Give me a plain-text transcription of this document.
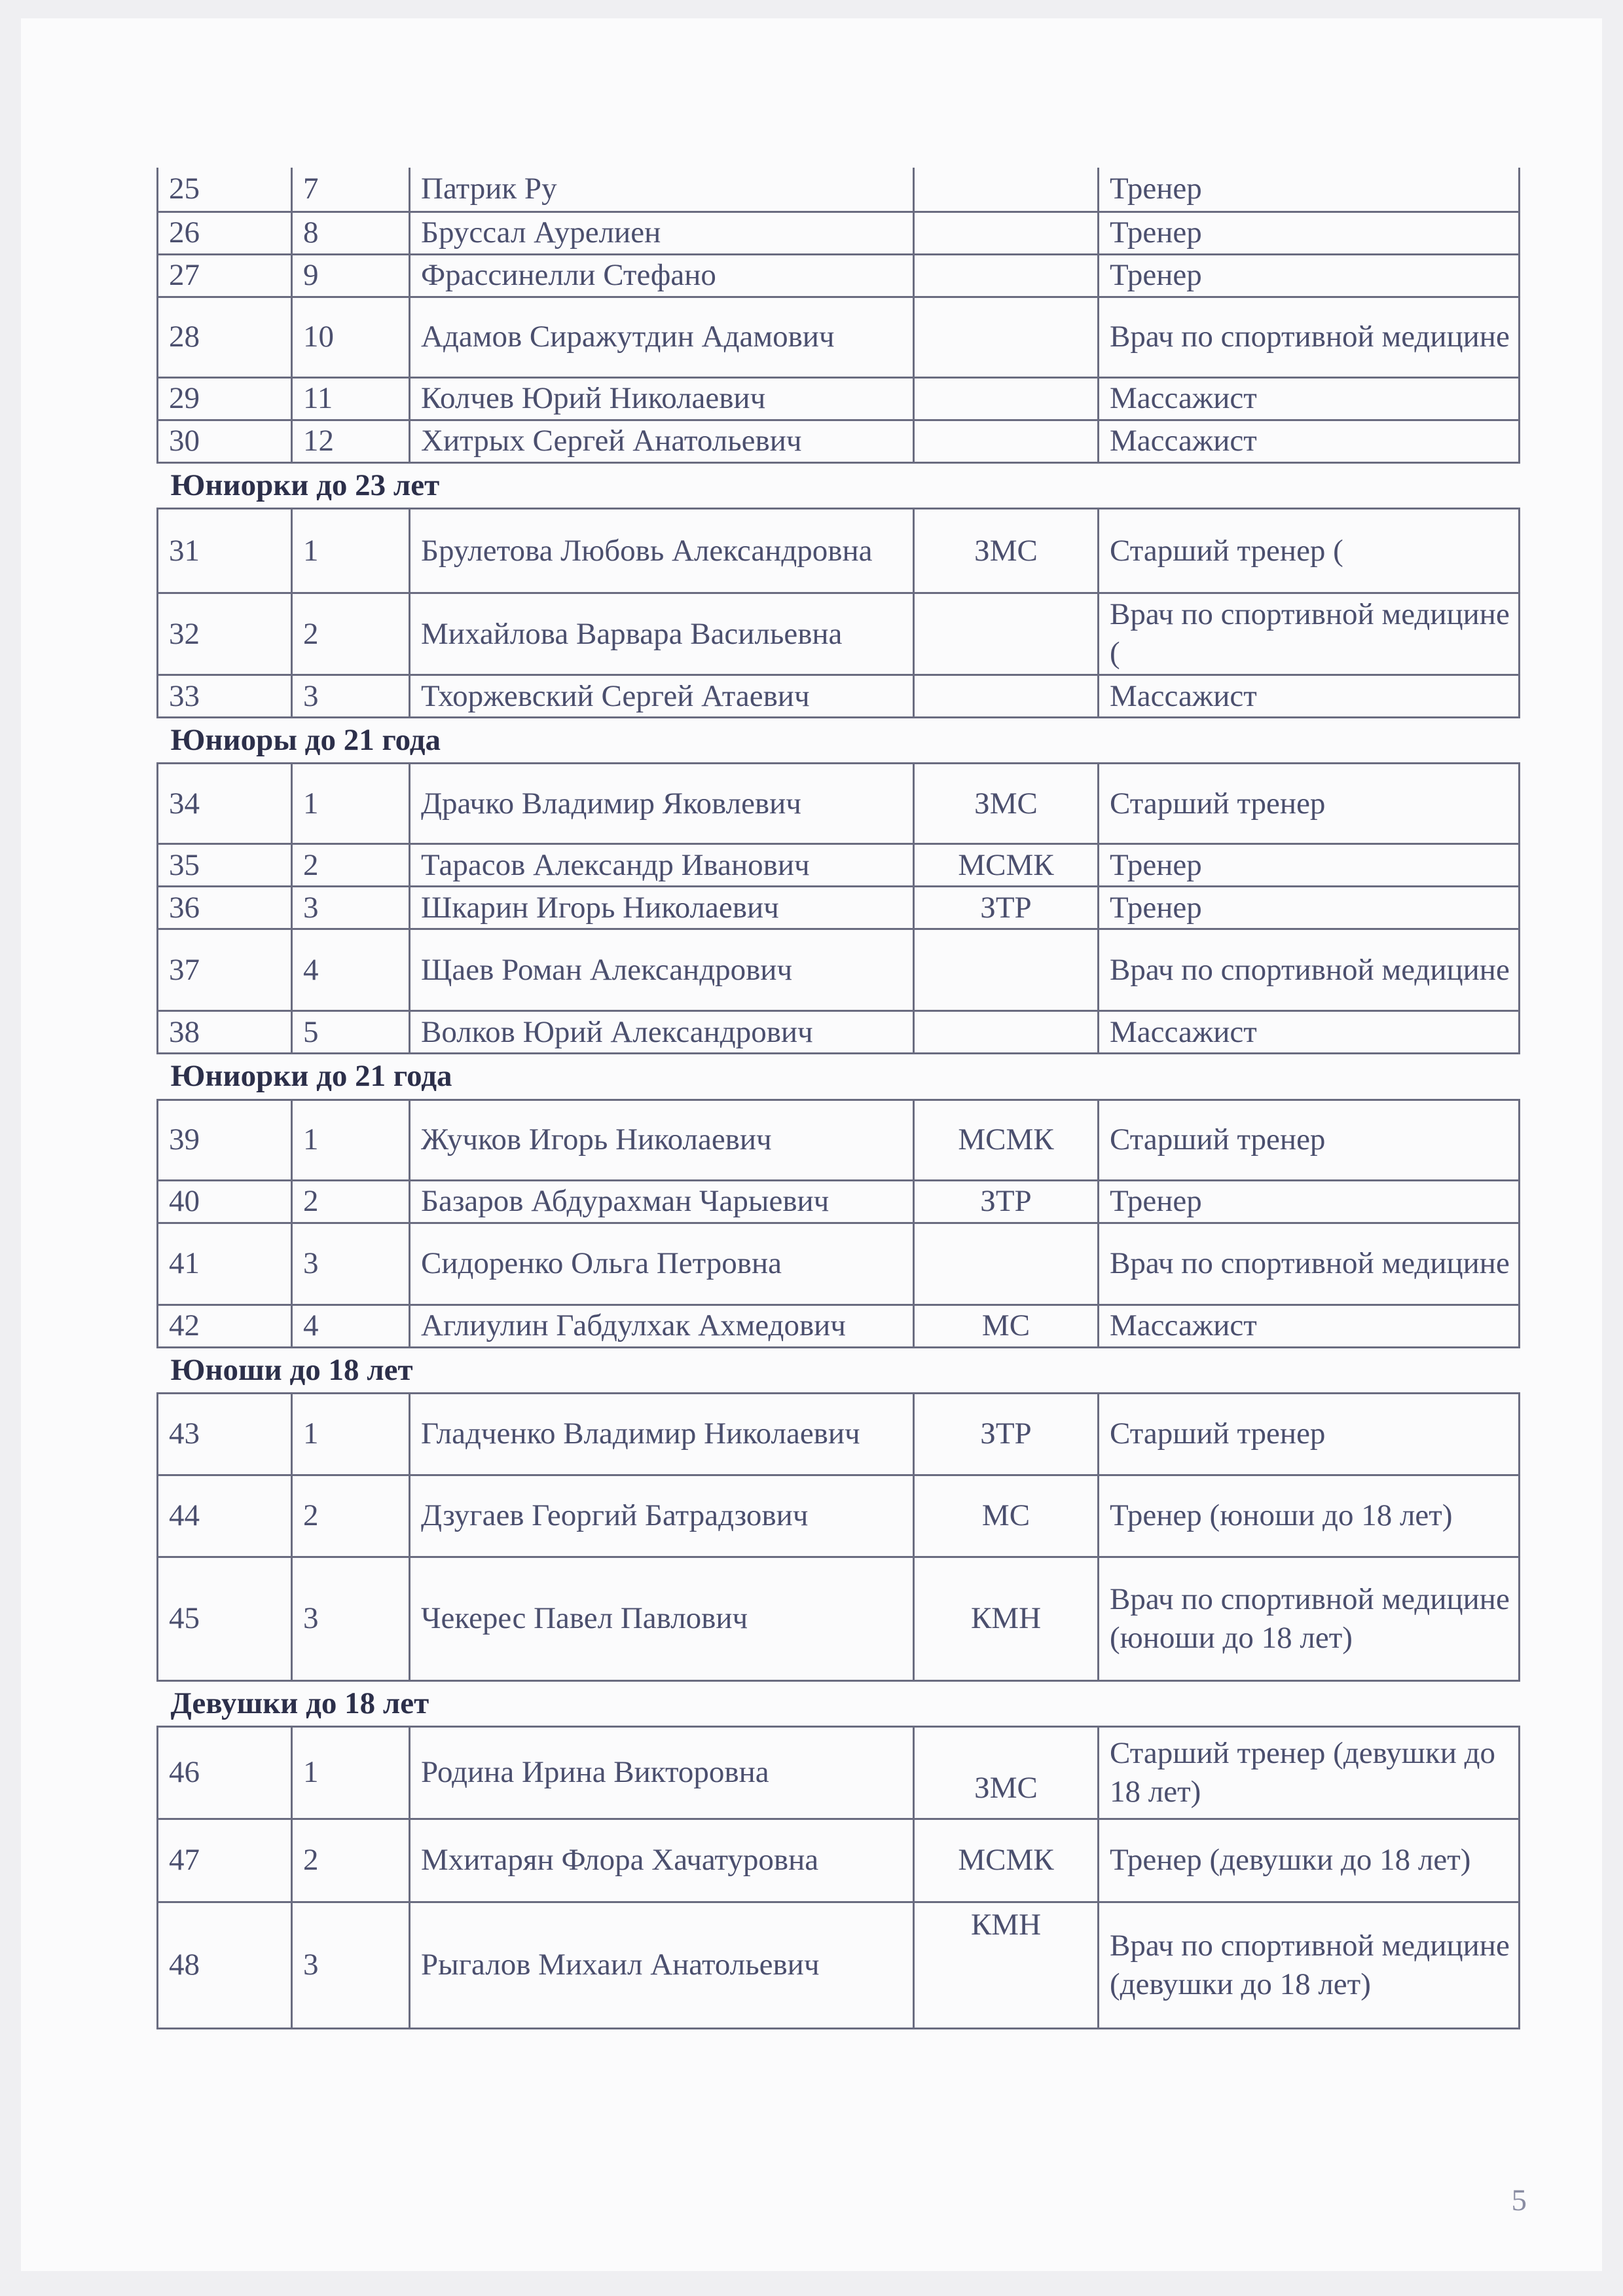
25	7	Патрик Ру		Тренер
26	8	Бруссал Аурелиен		Тренер
27	9	Фрассинелли Стефано		Тренер
28	10	Адамов Сиражутдин Адамович		Врач по спортивной медицине
29	11	Колчев Юрий Николаевич		Массажист
30	12	Хитрых Сергей Анатольевич		Массажист
Юниорки до 23 лет				
31	1	Брулетова Любовь Александровна	ЗМС	Старший тренер (
32	2	Михайлова Варвара Васильевна		Врач по спортивной медицине (
33	3	Тхоржевский Сергей Атаевич		Массажист
Юниоры до 21 года				
34	1	Драчко Владимир Яковлевич	ЗМС	Старший тренер
35	2	Тарасов Александр Иванович	МСМК	Тренер
36	3	Шкарин Игорь Николаевич	ЗТР	Тренер
37	4	Щаев Роман Александрович		Врач по спортивной медицине
38	5	Волков Юрий Александрович		Массажист
Юниорки до 21 года				
39	1	Жучков Игорь Николаевич	МСМК	Старший тренер
40	2	Базаров Абдурахман Чарыевич	ЗТР	Тренер
41	3	Сидоренко Ольга Петровна		Врач по спортивной медицине
42	4	Аглиулин Габдулхак Ахмедович	МС	Массажист
Юноши до 18 лет				
43	1	Гладченко Владимир Николаевич	ЗТР	Старший тренер
44	2	Дзугаев Георгий Батрадзович	МС	Тренер (юноши до 18 лет)
45	3	Чекерес Павел Павлович	КМН	Врач по спортивной медицине (юноши до 18 лет)
Девушки до 18 лет				
46	1	Родина Ирина Викторовна	ЗМС	Старший тренер (девушки до 18 лет)
47	2	Мхитарян Флора Хачатуровна	МСМК	Тренер (девушки до 18 лет)
48	3	Рыгалов Михаил Анатольевич	КМН	Врач по спортивной медицине (девушки до 18 лет)
5
